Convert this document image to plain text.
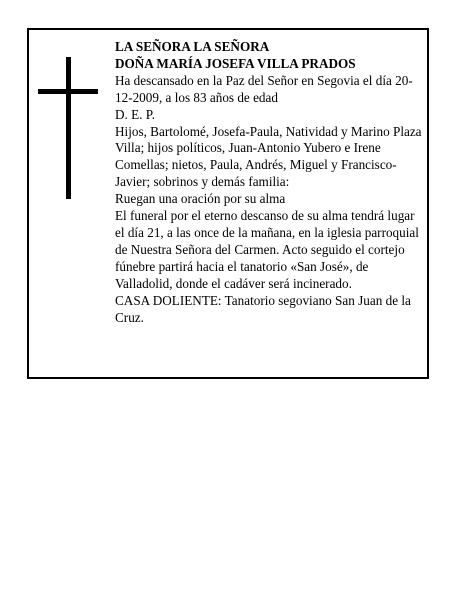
LA SEÑORA LA SEÑORA

DOÑA MARÍA JOSEFA VILLA PRADOS

Ha descansado en la Paz del Señor en Segovia el día 20-12-2009, a los 83 años de edad

D. E. P.

Hijos, Bartolomé, Josefa-Paula, Natividad y Marino Plaza Villa; hijos políticos, Juan-Antonio Yubero e Irene Comellas; nietos, Paula, Andrés, Miguel y Francisco-Javier; sobrinos y demás familia:

Ruegan una oración por su alma

El funeral por el eterno descanso de su alma tendrá lugar el día 21, a las once de la mañana, en la iglesia parroquial de Nuestra Señora del Carmen. Acto seguido el cortejo fúnebre partirá hacia el tanatorio «San José», de Valladolid, donde el cadáver será incinerado.

CASA DOLIENTE: Tanatorio segoviano San Juan de la Cruz.
